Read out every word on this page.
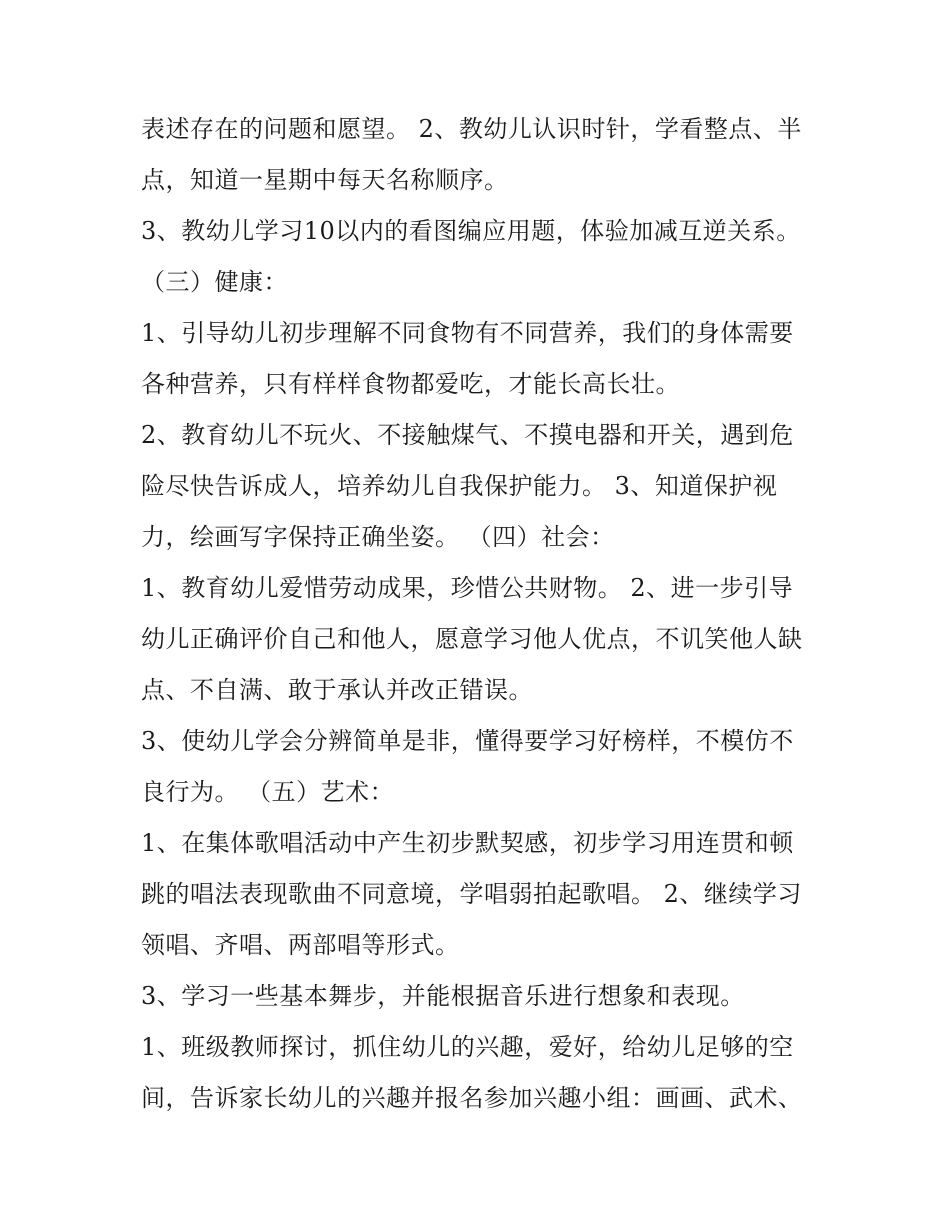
表述存在的问题和愿望。 2、教幼儿认识时针，学看整点、半
点，知道一星期中每天名称顺序。
3、教幼儿学习10以内的看图编应用题，体验加减互逆关系。
（三）健康：
1、引导幼儿初步理解不同食物有不同营养，我们的身体需要
各种营养，只有样样食物都爱吃，才能长高长壮。
2、教育幼儿不玩火、不接触煤气、不摸电器和开关，遇到危
险尽快告诉成人，培养幼儿自我保护能力。 3、知道保护视
力，绘画写字保持正确坐姿。 （四）社会：
1、教育幼儿爱惜劳动成果，珍惜公共财物。 2、进一步引导
幼儿正确评价自己和他人，愿意学习他人优点，不讥笑他人缺
点、不自满、敢于承认并改正错误。
3、使幼儿学会分辨简单是非，懂得要学习好榜样，不模仿不
良行为。 （五）艺术：
1、在集体歌唱活动中产生初步默契感，初步学习用连贯和顿
跳的唱法表现歌曲不同意境，学唱弱拍起歌唱。 2、继续学习
领唱、齐唱、两部唱等形式。
3、学习一些基本舞步，并能根据音乐进行想象和表现。
1、班级教师探讨，抓住幼儿的兴趣，爱好，给幼儿足够的空
间，告诉家长幼儿的兴趣并报名参加兴趣小组：画画、武术、
